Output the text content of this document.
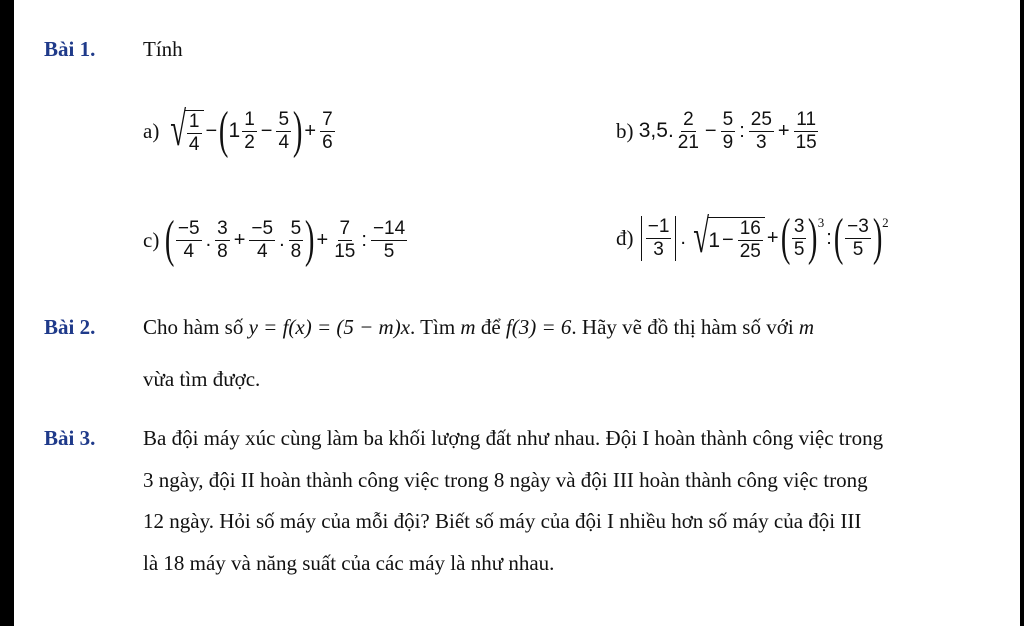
Bài 1. Tính
a)
√ $\frac{1}{4}$ − ( $1 \frac{1}{2} - \frac{5}{4}$ ) + $\frac{7}{6}$	b)
3,5. $\frac{2}{21} - \frac{5}{9}$ : $\frac{25}{3} + \frac{11}{15}$
c)
( $\frac{-5}{4}$ . $\frac{3}{8} + \frac{-5}{4}$ . $\frac{5}{8}$ ) + $\frac{7}{15}$ : $\frac{-14}{5}$	đ)
$\frac{-1}{3}$ . √ $1 - \frac{16}{25}$ + ( $\frac{3}{5} )^3$
: ( $\frac{-3}{5} )^2$
Bài 2. Cho hàm số y = f(x) = (5 − m)x. Tìm m để f(3) = 6. Hãy vẽ đồ thị hàm số với m
vừa tìm được.
Bài 3. Ba đội máy xúc cùng làm ba khối lượng đất như nhau. Đội I hoàn thành công việc trong
3 ngày, đội II hoàn thành công việc trong 8 ngày và đội III hoàn thành công việc trong
12 ngày. Hỏi số máy của mỗi đội? Biết số máy của đội I nhiều hơn số máy của đội III
là 18 máy và năng suất của các máy là như nhau.
